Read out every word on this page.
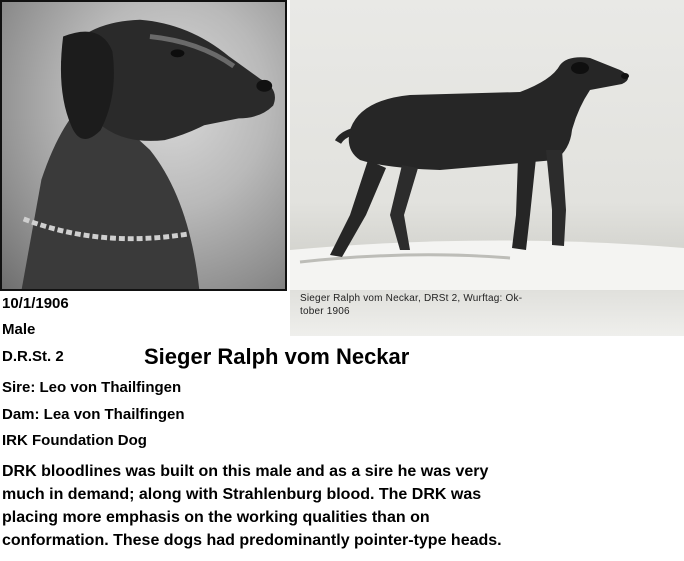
Sieger Ralph vom Neckar, DRSt 2, Wurftag: Ok-
tober 1906
10/1/1906
Male
D.R.St. 2	Sieger Ralph vom Neckar
Sire: Leo von Thailfingen
Dam: Lea von Thailfingen
IRK Foundation Dog
DRK bloodlines was built on this male and as a sire he was very
much in demand; along with Strahlenburg blood. The DRK was
placing more emphasis on the working qualities than on
conformation. These dogs had predominantly pointer-type heads.
